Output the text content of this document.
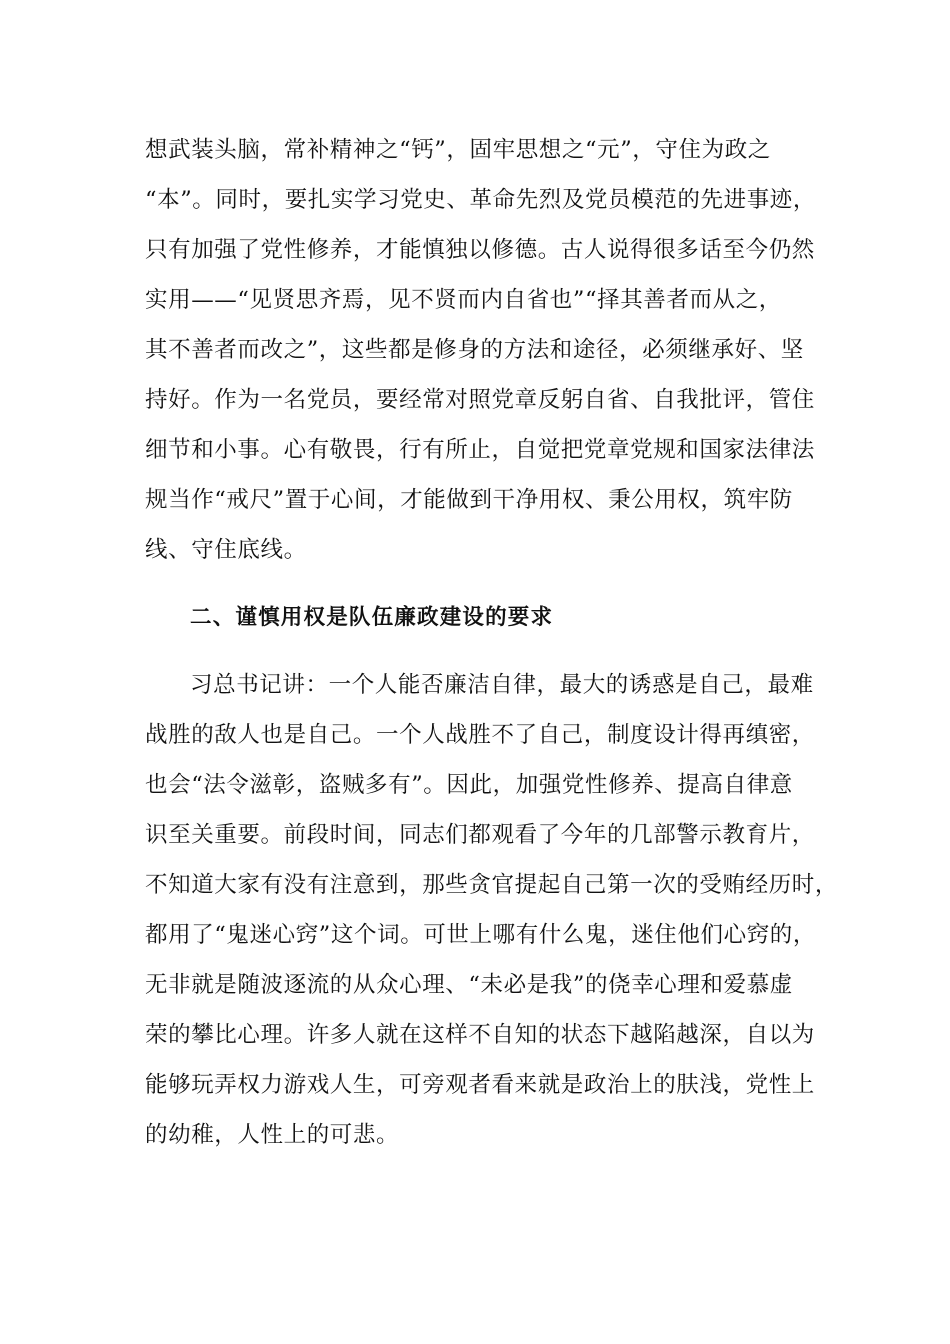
想武装头脑，常补精神之“钙”，固牢思想之“元”，守住为政之
“本”。同时，要扎实学习党史、革命先烈及党员模范的先进事迹，
只有加强了党性修养，才能慎独以修德。古人说得很多话至今仍然
实用——“见贤思齐焉，见不贤而内自省也”“择其善者而从之，
其不善者而改之”，这些都是修身的方法和途径，必须继承好、坚
持好。作为一名党员，要经常对照党章反躬自省、自我批评，管住
细节和小事。心有敬畏，行有所止，自觉把党章党规和国家法律法
规当作“戒尺”置于心间，才能做到干净用权、秉公用权，筑牢防
线、守住底线。
二、谨慎用权是队伍廉政建设的要求
习总书记讲：一个人能否廉洁自律，最大的诱惑是自己，最难
战胜的敌人也是自己。一个人战胜不了自己，制度设计得再缜密，
也会“法令滋彰，盗贼多有”。因此，加强党性修养、提高自律意
识至关重要。前段时间，同志们都观看了今年的几部警示教育片，
不知道大家有没有注意到，那些贪官提起自己第一次的受贿经历时，
都用了“鬼迷心窍”这个词。可世上哪有什么鬼，迷住他们心窍的，
无非就是随波逐流的从众心理、“未必是我”的侥幸心理和爱慕虚
荣的攀比心理。许多人就在这样不自知的状态下越陷越深，自以为
能够玩弄权力游戏人生，可旁观者看来就是政治上的肤浅，党性上
的幼稚，人性上的可悲。
